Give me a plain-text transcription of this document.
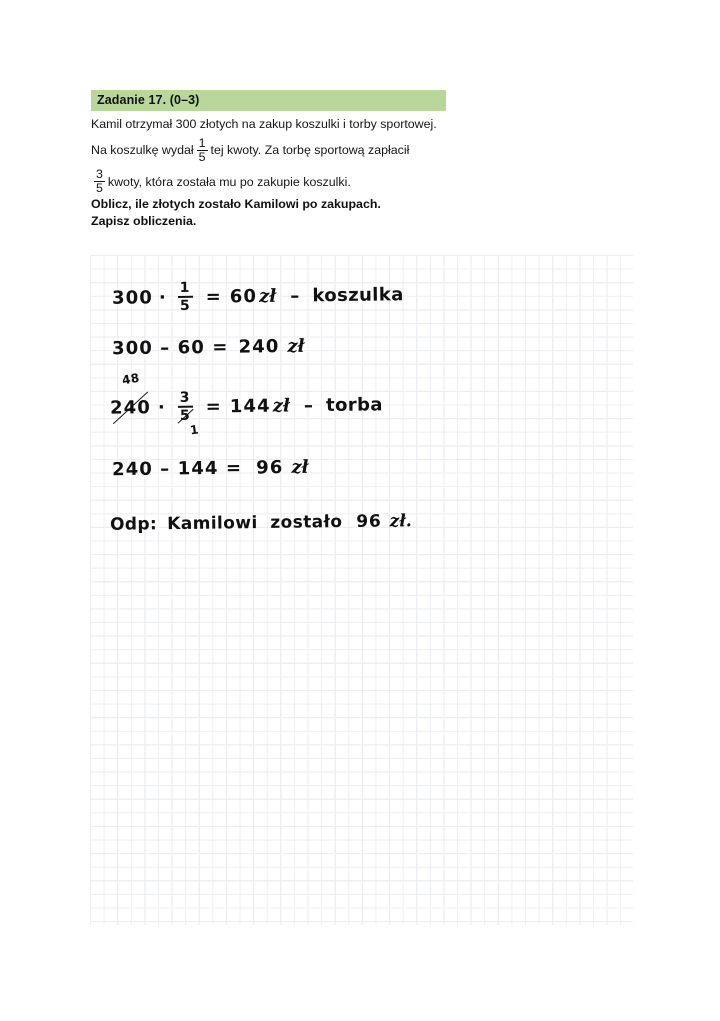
Zadanie 17. (0–3)
Kamil otrzymał 300 złotych na zakup koszulki i torby sportowej.
Na koszulkę wydał $\frac{1}{5}$ tej kwoty. Za torbę sportową zapłacił
$\frac{3}{5}$ kwoty, która została mu po zakupie koszulki.
Oblicz, ile złotych zostało Kamilowi po zakupach.
Zapisz obliczenia.
$300 \cdot \frac{1}{5} = 60$ zł – koszulka
300 – 60 = 240 zł
$240 \cdot \frac{3}{5} = 144$ zł – torba
48
1
240 – 144 = 96 zł
Odp: Kamilowi  zostało 96 zł.
